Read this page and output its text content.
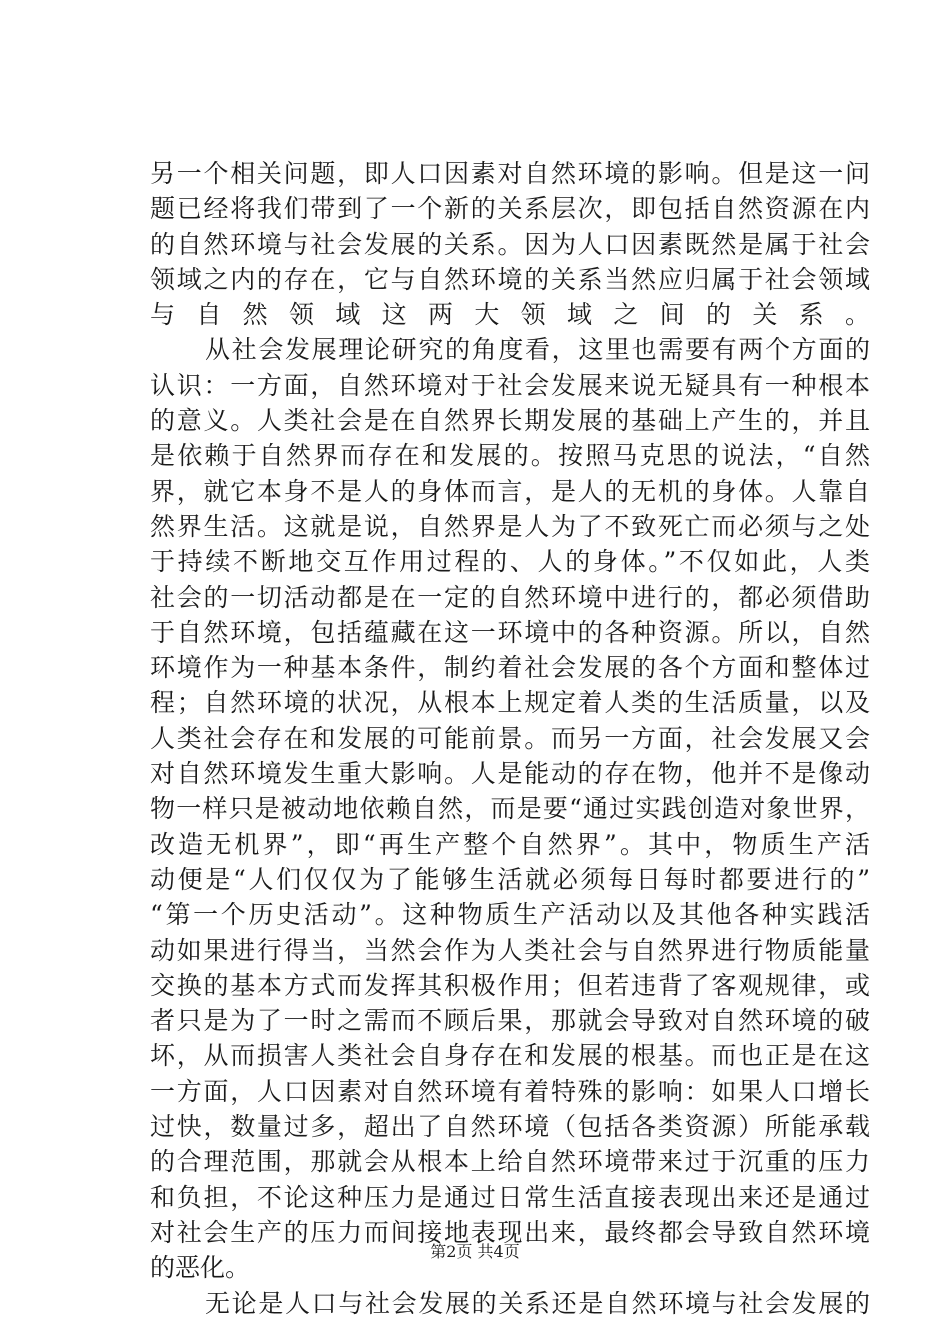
另一个相关问题，即人口因素对自然环境的影响。但是这一问
题已经将我们带到了一个新的关系层次，即包括自然资源在内
的自然环境与社会发展的关系。因为人口因素既然是属于社会
领域之内的存在，它与自然环境的关系当然应归属于社会领域
与自然领域这两大领域之间的关系。
从社会发展理论研究的角度看，这里也需要有两个方面的
认识：一方面，自然环境对于社会发展来说无疑具有一种根本
的意义。人类社会是在自然界长期发展的基础上产生的，并且
是依赖于自然界而存在和发展的。按照马克思的说法，“自然
界，就它本身不是人的身体而言，是人的无机的身体。人靠自
然界生活。这就是说，自然界是人为了不致死亡而必须与之处
于持续不断地交互作用过程的、人的身体。”不仅如此，人类
社会的一切活动都是在一定的自然环境中进行的，都必须借助
于自然环境，包括蕴藏在这一环境中的各种资源。所以，自然
环境作为一种基本条件，制约着社会发展的各个方面和整体过
程；自然环境的状况，从根本上规定着人类的生活质量，以及
人类社会存在和发展的可能前景。而另一方面，社会发展又会
对自然环境发生重大影响。人是能动的存在物，他并不是像动
物一样只是被动地依赖自然，而是要“通过实践创造对象世界，
改造无机界”，即“再生产整个自然界”。其中，物质生产活
动便是“人们仅仅为了能够生活就必须每日每时都要进行的”
“第一个历史活动”。这种物质生产活动以及其他各种实践活
动如果进行得当，当然会作为人类社会与自然界进行物质能量
交换的基本方式而发挥其积极作用；但若违背了客观规律，或
者只是为了一时之需而不顾后果，那就会导致对自然环境的破
坏，从而损害人类社会自身存在和发展的根基。而也正是在这
一方面，人口因素对自然环境有着特殊的影响：如果人口增长
过快，数量过多，超出了自然环境（包括各类资源）所能承载
的合理范围，那就会从根本上给自然环境带来过于沉重的压力
和负担，不论这种压力是通过日常生活直接表现出来还是通过
对社会生产的压力而间接地表现出来，最终都会导致自然环境
的恶化。
无论是人口与社会发展的关系还是自然环境与社会发展的
第2页 共4页
